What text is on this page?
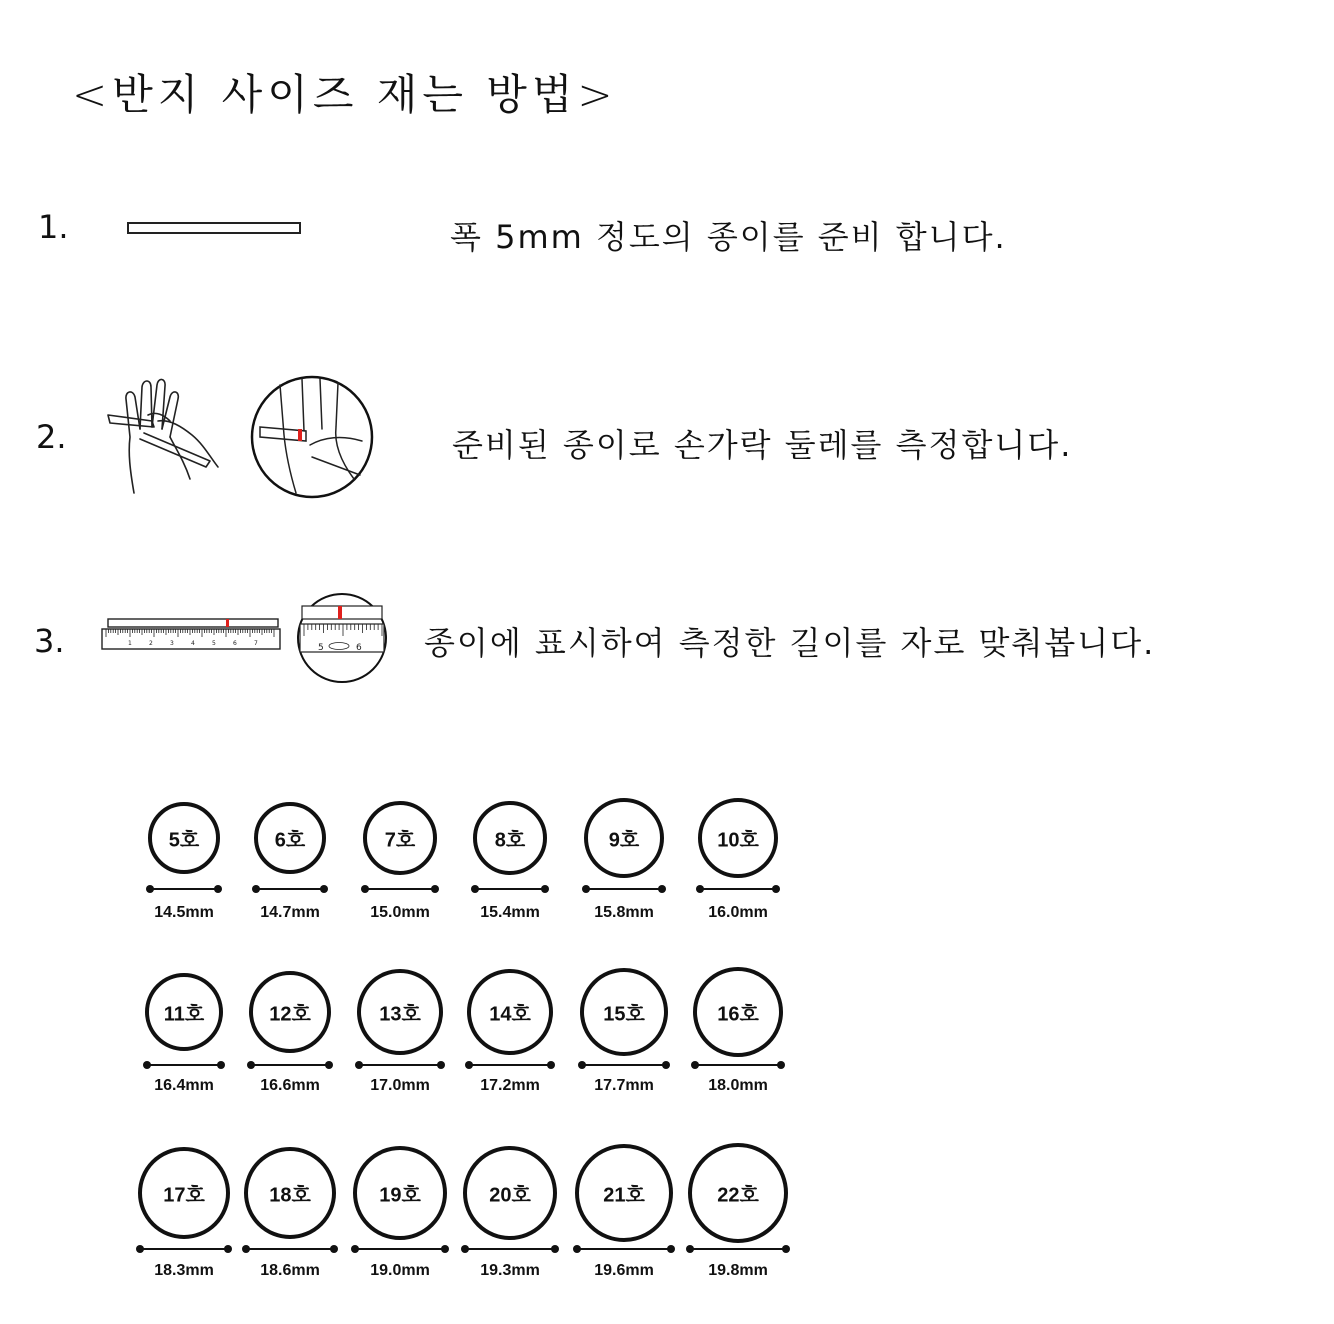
<반지 사이즈 재는 방법>
1.	폭 5mm 정도의 종이를 준비 합니다.
2.	준비된 종이로 손가락 둘레를 측정합니다.
3.	1	2	3	4	5	6	7	5	6 종이에 표시하여 측정한 길이를 자로 맞춰봅니다.
5호
14.5mm
6호
14.7mm
7호
15.0mm
8호
15.4mm
9호
15.8mm
10호
16.0mm
11호
16.4mm
12호
16.6mm
13호
17.0mm
14호
17.2mm
15호
17.7mm
16호
18.0mm
17호
18.3mm
18호
18.6mm
19호
19.0mm
20호
19.3mm
21호
19.6mm
22호
19.8mm
